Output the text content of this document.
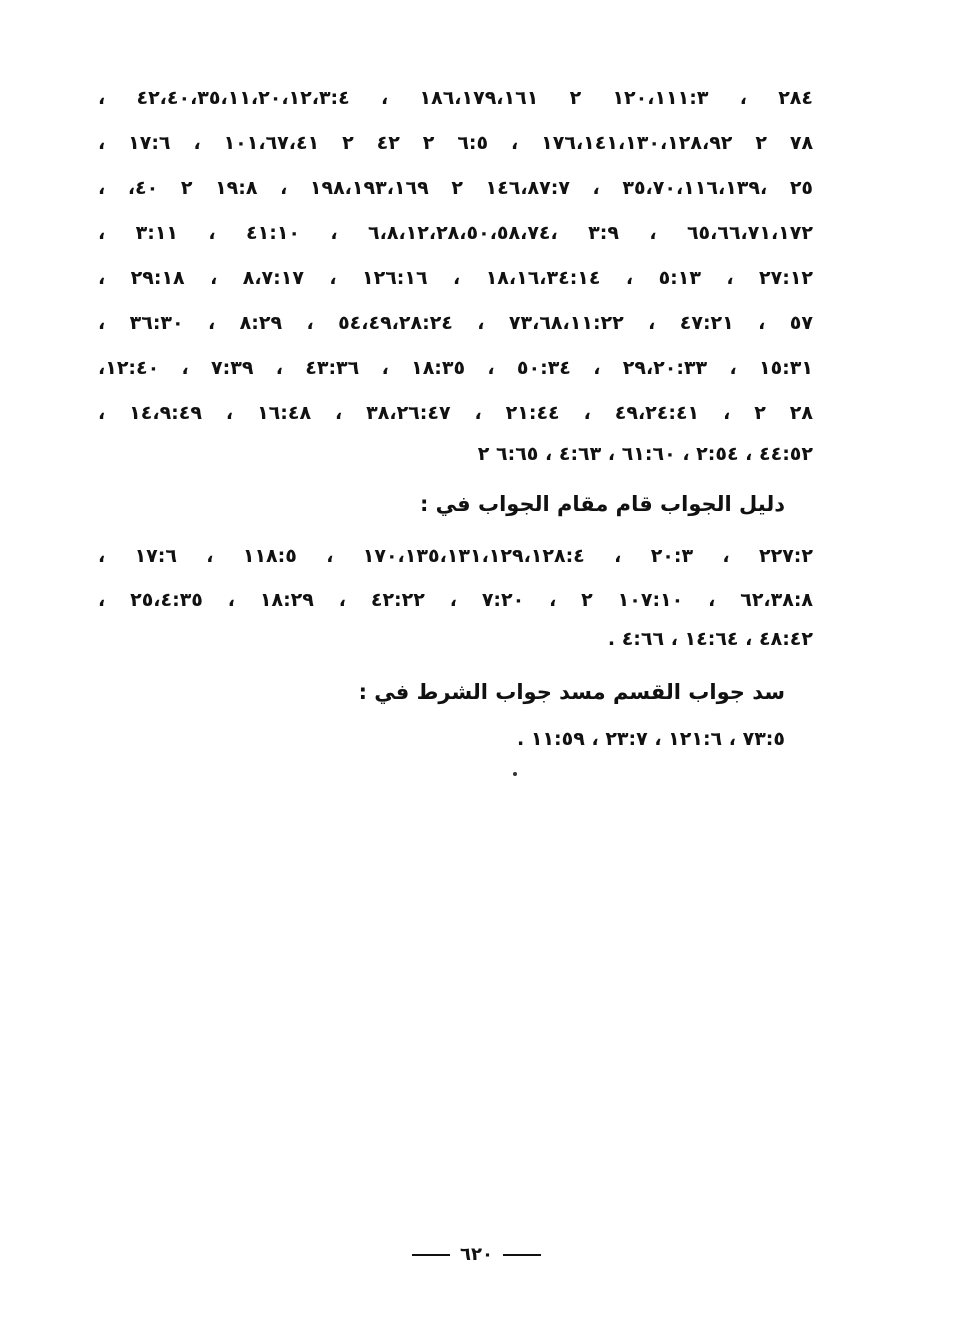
٢٨٤ ، ١٢٠،١١١:٣ ٢ ١٨٦،١٧٩،١٦١ ، ٤٢،٤٠،٣٥،١١،٢٠،١٢،٣:٤ ،
٧٨ ٢ ١٧٦،١٤١،١٣٠،١٢٨،٩٢ ، ٦:٥ ٢ ٤٢ ٢ ١٠١،٦٧،٤١ ، ١٧:٦ ،
٢٥ ،٣٥،٧٠،١١٦،١٣٩ ، ١٤٦،٨٧:٧ ٢ ١٩٨،١٩٣،١٦٩ ، ١٩:٨ ٢ ٤٠، ،
٦٥،٦٦،٧١،١٧٢ ، ٣:٩ ،٦،٨،١٢،٢٨،٥٠،٥٨،٧٤ ، ٤١:١٠ ، ٣:١١ ،
٢٧:١٢ ، ٥:١٣ ، ١٨،١٦،٣٤:١٤ ، ١٢٦:١٦ ، ٨،٧:١٧ ، ٢٩:١٨ ،
٥٧ ، ٤٧:٢١ ، ٧٣،٦٨،١١:٢٢ ، ٥٤،٤٩،٢٨:٢٤ ، ٨:٢٩ ، ٣٦:٣٠ ،
١٥:٣١ ، ٢٩،٢٠:٣٣ ، ٥٠:٣٤ ، ١٨:٣٥ ، ٤٣:٣٦ ، ٧:٣٩ ، ١٢:٤٠،
٢٨ ٢ ، ٤٩،٢٤:٤١ ، ٢١:٤٤ ، ٣٨،٢٦:٤٧ ، ١٦:٤٨ ، ١٤،٩:٤٩ ،
٤٤:٥٢ ، ٢:٥٤ ، ٦١:٦٠ ، ٤:٦٣ ، ٦:٦٥ ٢
دليل الجواب قام مقام الجواب في :
٢٢٧:٢ ، ٢٠:٣ ، ١٧٠،١٣٥،١٣١،١٢٩،١٢٨:٤ ، ١١٨:٥ ، ١٧:٦ ،
٦٢،٣٨:٨ ، ١٠٧:١٠ ٢ ، ٧:٢٠ ، ٤٢:٢٢ ، ١٨:٢٩ ، ٢٥،٤:٣٥ ،
٤٨:٤٢ ، ١٤:٦٤ ، ٤:٦٦ .
سد جواب القسم مسد جواب الشرط في :
٧٣:٥ ، ١٢١:٦ ، ٢٣:٧ ، ١١:٥٩ .
٦٢٠
